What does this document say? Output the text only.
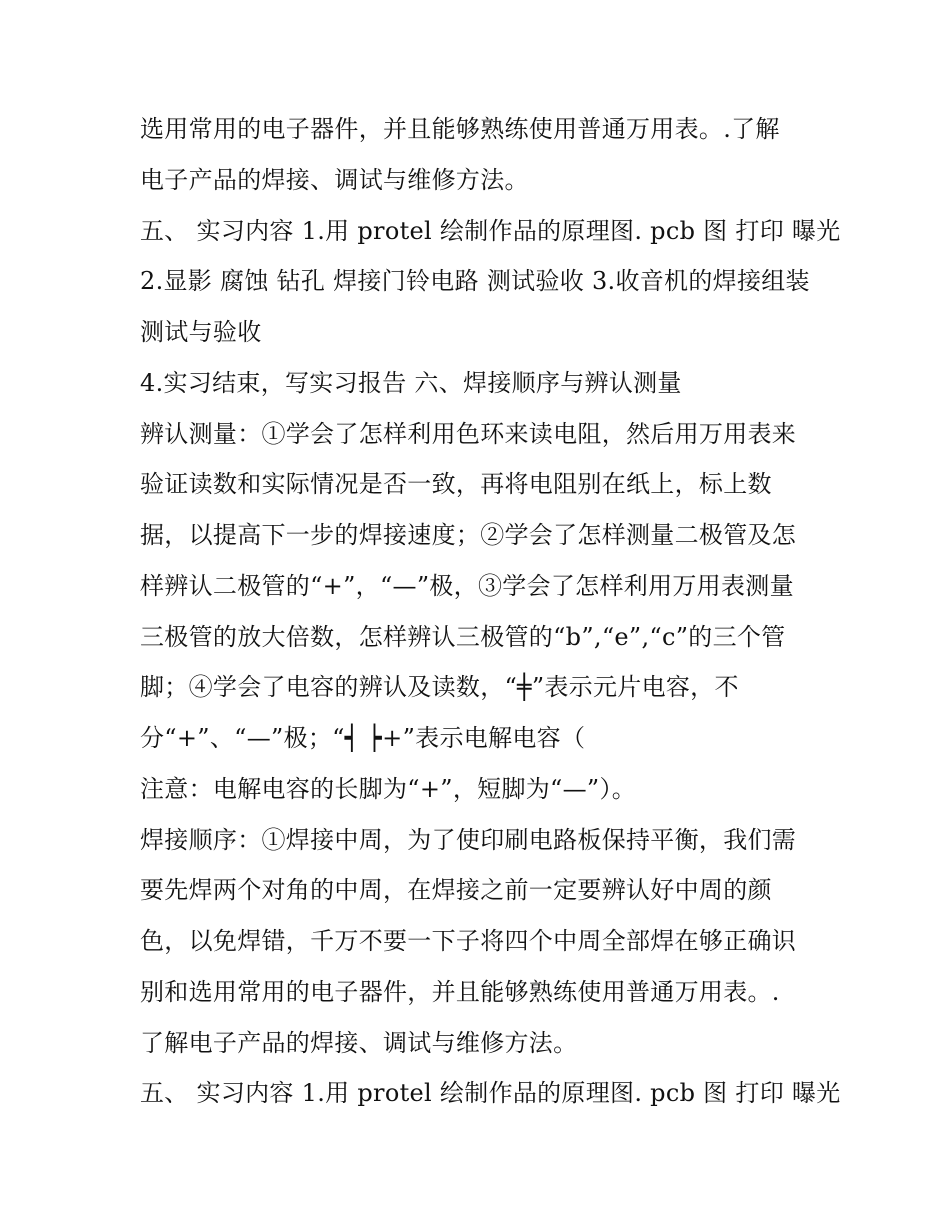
选用常用的电子器件，并且能够熟练使用普通万用表。.了解
电子产品的焊接、调试与维修方法。
五、 实习内容 1.用 protel 绘制作品的原理图. pcb 图 打印 曝光
2.显影 腐蚀 钻孔 焊接门铃电路 测试验收 3.收音机的焊接组装
测试与验收
4.实习结束，写实习报告 六、焊接顺序与辨认测量
辨认测量：①学会了怎样利用色环来读电阻，然后用万用表来
验证读数和实际情况是否一致，再将电阻别在纸上，标上数
据，以提高下一步的焊接速度；②学会了怎样测量二极管及怎
样辨认二极管的“+”，“—”极，③学会了怎样利用万用表测量
三极管的放大倍数，怎样辨认三极管的“b”,“e”,“c”的三个管
脚；④学会了电容的辨认及读数，“╪”表示元片电容，不
分“+”、“—”极；“┥ ┝+”表示电解电容（
注意：电解电容的长脚为“+”，短脚为“—”）。
焊接顺序：①焊接中周，为了使印刷电路板保持平衡，我们需
要先焊两个对角的中周，在焊接之前一定要辨认好中周的颜
色，以免焊错，千万不要一下子将四个中周全部焊在够正确识
别和选用常用的电子器件，并且能够熟练使用普通万用表。.
了解电子产品的焊接、调试与维修方法。
五、 实习内容 1.用 protel 绘制作品的原理图. pcb 图 打印 曝光
